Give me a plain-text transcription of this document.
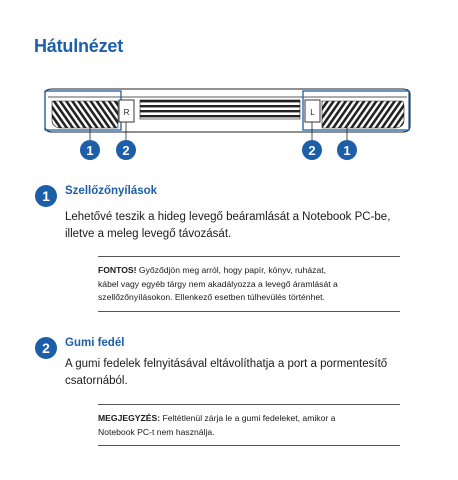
Hátulnézet
R	L
1	2	2	1
1	Szellőzőnyílások
Lehetővé teszik a hideg levegő beáramlását a Notebook PC-be,
illetve a meleg levegő távozását.
FONTOS! Győződjön meg arról, hogy papír, könyv, ruházat,
kábel vagy egyéb tárgy nem akadályozza a levegő áramlását a
szellőzőnyílásokon. Ellenkező esetben túlhevülés történhet.
2	Gumi fedél
A gumi fedelek felnyitásával eltávolíthatja a port a pormentesítő
csatornából.
MEGJEGYZÉS: Feltétlenül zárja le a gumi fedeleket, amikor a
Notebook PC-t nem használja.
